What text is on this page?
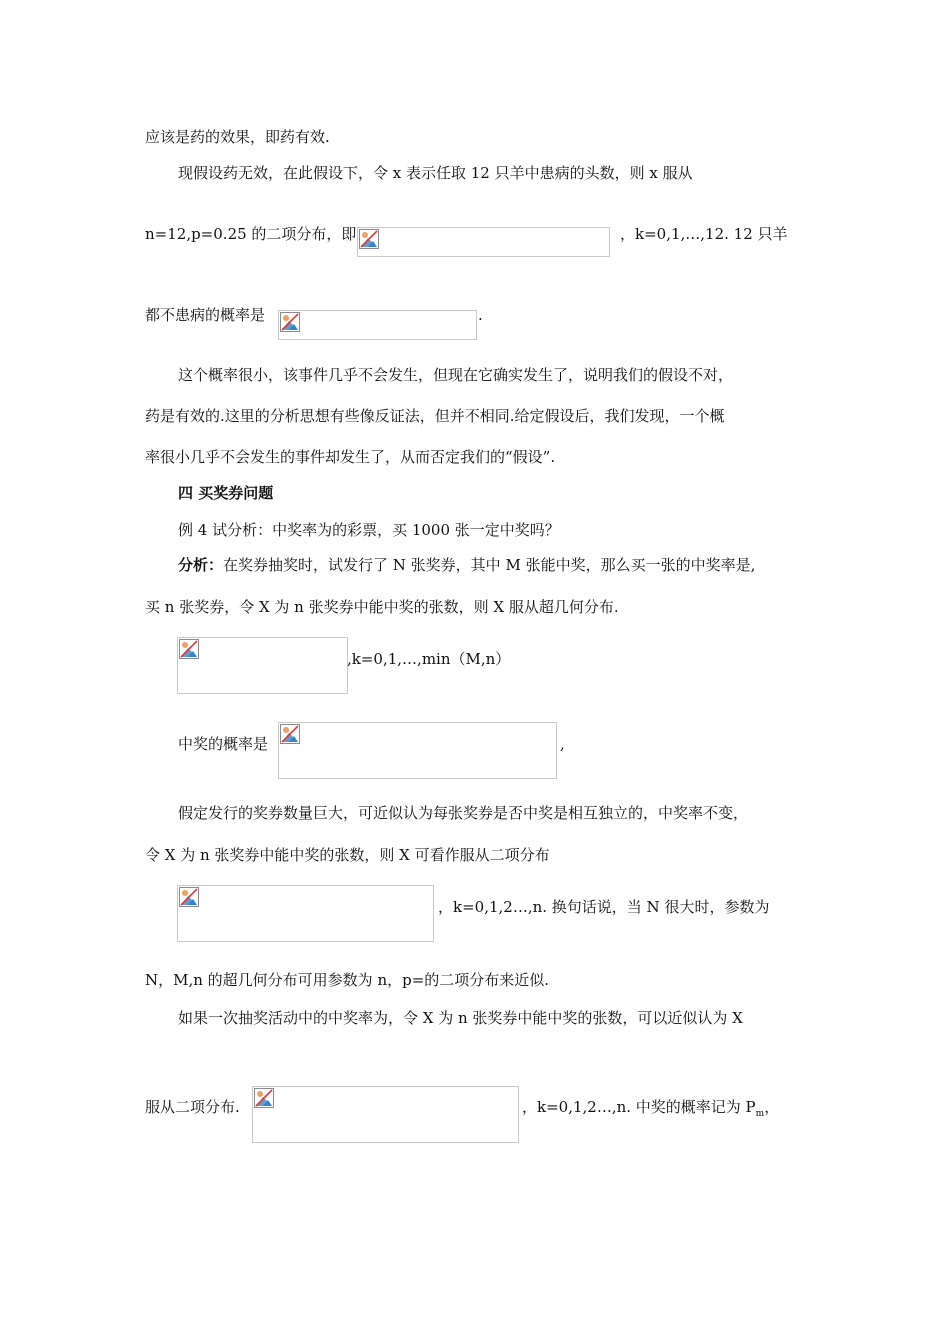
应该是药的效果，即药有效.
现假设药无效，在此假设下，令 x 表示任取 12 只羊中患病的头数，则 x 服从
n=12,p=0.25 的二项分布，即	，k=0,1,…,12. 12 只羊
都不患病的概率是	.
这个概率很小，该事件几乎不会发生，但现在它确实发生了，说明我们的假设不对，
药是有效的.这里的分析思想有些像反证法，但并不相同.给定假设后，我们发现，一个概
率很小几乎不会发生的事件却发生了，从而否定我们的“假设”.
四 买奖券问题
例 4 试分析：中奖率为的彩票，买 1000 张一定中奖吗？
分析：在奖券抽奖时，试发行了 N 张奖券，其中 M 张能中奖，那么买一张的中奖率是,
买 n 张奖券，令 X 为 n 张奖券中能中奖的张数，则 X 服从超几何分布.
,k=0,1,…,min（M,n）
中奖的概率是	,
假定发行的奖券数量巨大，可近似认为每张奖券是否中奖是相互独立的，中奖率不变，
令 X 为 n 张奖券中能中奖的张数，则 X 可看作服从二项分布
，k=0,1,2…,n. 换句话说，当 N 很大时，参数为
N，M,n 的超几何分布可用参数为 n，p=的二项分布来近似.
如果一次抽奖活动中的中奖率为，令 X 为 n 张奖券中能中奖的张数，可以近似认为 X
服从二项分布.	，k=0,1,2…,n. 中奖的概率记为 $P_m$，
